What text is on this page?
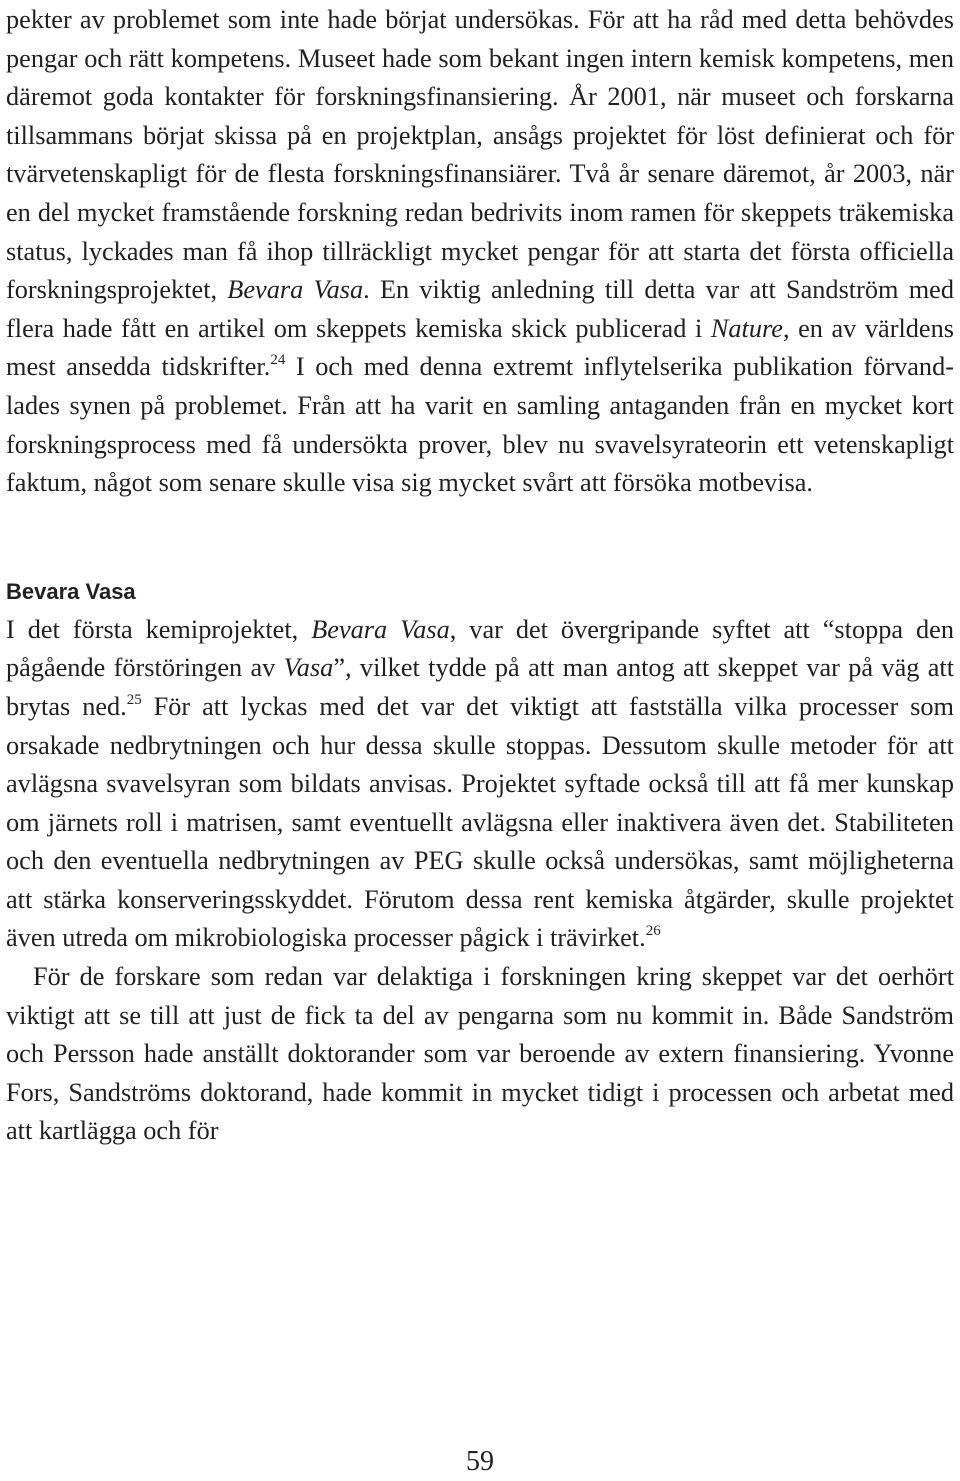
pekter av problemet som inte hade börjat undersökas. För att ha råd med detta behövdes pengar och rätt kompetens. Museet hade som bekant ingen intern kemisk kompetens, men däremot goda kontakter för forskningsfinansiering. År 2001, när museet och forskarna tillsammans börjat skissa på en projektplan, ansågs projektet för löst definierat och för tvärvetenskapligt för de flesta forskningsfinansiärer. Två år senare däremot, år 2003, när en del mycket framstående forskning redan bedrivits inom ramen för skeppets träkemiska status, lyckades man få ihop tillräckligt mycket pengar för att starta det första officiella forskningsprojektet, Bevara Vasa. En viktig anledning till detta var att Sandström med flera hade fått en artikel om skeppets kemiska skick publicerad i Nature, en av världens mest ansedda tidskrifter.$^{24}$ I och med denna extremt inflytelserika publikation förvandlades synen på problemet. Från att ha varit en samling antaganden från en mycket kort forskningsprocess med få undersökta prover, blev nu svavelsyrateorin ett vetenskapligt faktum, något som senare skulle visa sig mycket svårt att försöka motbevisa.

Bevara Vasa

I det första kemiprojektet, Bevara Vasa, var det övergripande syftet att “stoppa den pågående förstöringen av Vasa”, vilket tydde på att man antog att skeppet var på väg att brytas ned.$^{25}$ För att lyckas med det var det viktigt att fastställa vilka processer som orsakade nedbrytningen och hur dessa skulle stoppas. Dessutom skulle metoder för att avlägsna svavelsyran som bildats anvisas. Projektet syftade också till att få mer kunskap om järnets roll i matrisen, samt eventuellt avlägsna eller inaktivera även det. Stabiliteten och den eventuella nedbrytningen av PEG skulle också undersökas, samt möjligheterna att stärka konserveringsskyddet. Förutom dessa rent kemiska åtgärder, skulle projektet även utreda om mikrobiologiska processer pågick i trävirket.$^{26}$

För de forskare som redan var delaktiga i forskningen kring skeppet var det oerhört viktigt att se till att just de fick ta del av pengarna som nu kommit in. Både Sandström och Persson hade anställt doktorander som var beroende av extern finansiering. Yvonne Fors, Sandströms doktorand, hade kommit in mycket tidigt i processen och arbetat med att kartlägga och för

59
